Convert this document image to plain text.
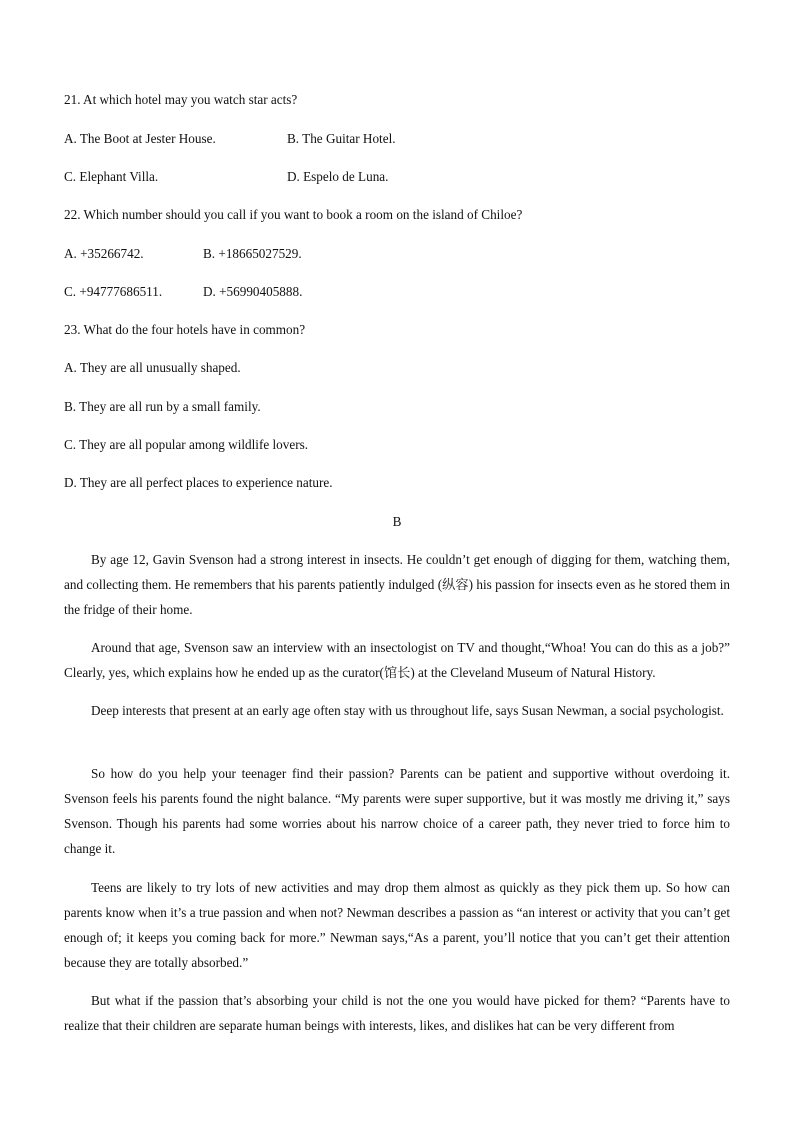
21. At which hotel may you watch star acts?
A. The Boot at Jester House.	B. The Guitar Hotel.
C. Elephant Villa.	D. Espelo de Luna.
22. Which number should you call if you want to book a room on the island of Chiloe?
A. +35266742.	B. +18665027529.
C. +94777686511.	D. +56990405888.
23. What do the four hotels have in common?
A. They are all unusually shaped.
B. They are all run by a small family.
C. They are all popular among wildlife lovers.
D. They are all perfect places to experience nature.
B

By age 12, Gavin Svenson had a strong interest in insects. He couldn’t get enough of digging for them, watching them, and collecting them. He remembers that his parents patiently indulged (纵容) his passion for insects even as he stored them in the fridge of their home.

Around that age, Svenson saw an interview with an insectologist on TV and thought,“Whoa! You can do this as a job?” Clearly, yes, which explains how he ended up as the curator(馆长) at the Cleveland Museum of Natural History.

Deep interests that present at an early age often stay with us throughout life, says Susan Newman, a social psychologist.

So how do you help your teenager find their passion? Parents can be patient and supportive without overdoing it. Svenson feels his parents found the night balance. “My parents were super supportive, but it was mostly me driving it,” says Svenson. Though his parents had some worries about his narrow choice of a career path, they never tried to force him to change it.

Teens are likely to try lots of new activities and may drop them almost as quickly as they pick them up. So how can parents know when it’s a true passion and when not? Newman describes a passion as “an interest or activity that you can’t get enough of; it keeps you coming back for more.” Newman says,“As a parent, you’ll notice that you can’t get their attention because they are totally absorbed.”

But what if the passion that’s absorbing your child is not the one you would have picked for them? “Parents have to realize that their children are separate human beings with interests, likes, and dislikes hat can be very different from
